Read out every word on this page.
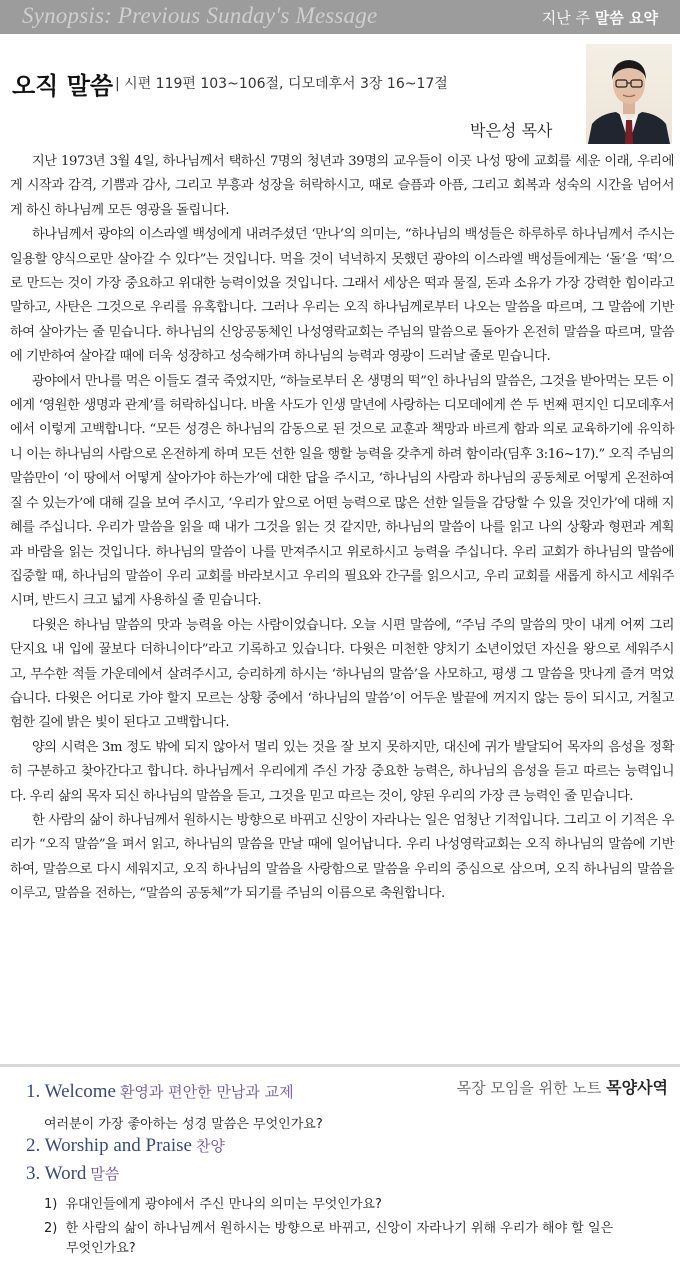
Synopsis: Previous Sunday's Message	지난 주 말씀 요약
오직 말씀 | 시편 119편 103~106절, 디모데후서 3장 16~17절
박은성 목사

지난 1973년 3월 4일, 하나님께서 택하신 7명의 청년과 39명의 교우들이 이곳 나성 땅에 교회를 세운 이래, 우리에게 시작과 감격, 기쁨과 감사, 그리고 부흥과 성장을 허락하시고, 때로 슬픔과 아픔, 그리고 회복과 성숙의 시간을 넘어서게 하신 하나님께 모든 영광을 돌립니다.

하나님께서 광야의 이스라엘 백성에게 내려주셨던 ‘만나’의 의미는, “하나님의 백성들은 하루하루 하나님께서 주시는 일용할 양식으로만 살아갈 수 있다”는 것입니다. 먹을 것이 넉넉하지 못했던 광야의 이스라엘 백성들에게는 ‘돌’을 ‘떡’으로 만드는 것이 가장 중요하고 위대한 능력이었을 것입니다. 그래서 세상은 떡과 물질, 돈과 소유가 가장 강력한 힘이라고 말하고, 사탄은 그것으로 우리를 유혹합니다. 그러나 우리는 오직 하나님께로부터 나오는 말씀을 따르며, 그 말씀에 기반하여 살아가는 줄 믿습니다. 하나님의 신앙공동체인 나성영락교회는 주님의 말씀으로 돌아가 온전히 말씀을 따르며, 말씀에 기반하여 살아갈 때에 더욱 성장하고 성숙해가며 하나님의 능력과 영광이 드러날 줄로 믿습니다.

광야에서 만나를 먹은 이들도 결국 죽었지만, “하늘로부터 온 생명의 떡”인 하나님의 말씀은, 그것을 받아먹는 모든 이에게 ‘영원한 생명과 관계’를 허락하십니다. 바울 사도가 인생 말년에 사랑하는 디모데에게 쓴 두 번째 편지인 디모데후서에서 이렇게 고백합니다. “모든 성경은 하나님의 감동으로 된 것으로 교훈과 책망과 바르게 함과 의로 교육하기에 유익하니 이는 하나님의 사람으로 온전하게 하며 모든 선한 일을 행할 능력을 갖추게 하려 함이라(딤후 3:16~17).” 오직 주님의 말씀만이 ‘이 땅에서 어떻게 살아가야 하는가’에 대한 답을 주시고, ‘하나님의 사람과 하나님의 공동체로 어떻게 온전하여질 수 있는가’에 대해 길을 보여 주시고, ‘우리가 앞으로 어떤 능력으로 많은 선한 일들을 감당할 수 있을 것인가’에 대해 지혜를 주십니다. 우리가 말씀을 읽을 때 내가 그것을 읽는 것 같지만, 하나님의 말씀이 나를 읽고 나의 상황과 형편과 계획과 바람을 읽는 것입니다. 하나님의 말씀이 나를 만져주시고 위로하시고 능력을 주십니다. 우리 교회가 하나님의 말씀에 집중할 때, 하나님의 말씀이 우리 교회를 바라보시고 우리의 필요와 간구를 읽으시고, 우리 교회를 새롭게 하시고 세워주시며, 반드시 크고 넓게 사용하실 줄 믿습니다.

다윗은 하나님 말씀의 맛과 능력을 아는 사람이었습니다. 오늘 시편 말씀에, “주님 주의 말씀의 맛이 내게 어찌 그리 단지요 내 입에 꿀보다 더하니이다”라고 기록하고 있습니다. 다윗은 미천한 양치기 소년이었던 자신을 왕으로 세워주시고, 무수한 적들 가운데에서 살려주시고, 승리하게 하시는 ‘하나님의 말씀’을 사모하고, 평생 그 말씀을 맛나게 즐겨 먹었습니다. 다윗은 어디로 가야 할지 모르는 상황 중에서 ‘하나님의 말씀’이 어두운 발끝에 꺼지지 않는 등이 되시고, 거칠고 험한 길에 밝은 빛이 된다고 고백합니다.

양의 시력은 3m 정도 밖에 되지 않아서 멀리 있는 것을 잘 보지 못하지만, 대신에 귀가 발달되어 목자의 음성을 정확히 구분하고 찾아간다고 합니다. 하나님께서 우리에게 주신 가장 중요한 능력은, 하나님의 음성을 듣고 따르는 능력입니다. 우리 삶의 목자 되신 하나님의 말씀을 듣고, 그것을 믿고 따르는 것이, 양된 우리의 가장 큰 능력인 줄 믿습니다.

한 사람의 삶이 하나님께서 원하시는 방향으로 바뀌고 신앙이 자라나는 일은 엄청난 기적입니다. 그리고 이 기적은 우리가 “오직 말씀”을 펴서 읽고, 하나님의 말씀을 만날 때에 일어납니다. 우리 나성영락교회는 오직 하나님의 말씀에 기반하여, 말씀으로 다시 세워지고, 오직 하나님의 말씀을 사랑함으로 말씀을 우리의 중심으로 삼으며, 오직 하나님의 말씀을 이루고, 말씀을 전하는, “말씀의 공동체”가 되기를 주님의 이름으로 축원합니다.

목장 모임을 위한 노트 목양사역
1. Welcome 환영과 편안한 만남과 교제
여러분이 가장 좋아하는 성경 말씀은 무엇인가요?
2. Worship and Praise 찬양
3. Word 말씀
1) 유대인들에게 광야에서 주신 만나의 의미는 무엇인가요?
2) 한 사람의 삶이 하나님께서 원하시는 방향으로 바뀌고, 신앙이 자라나기 위해 우리가 해야 할 일은
무엇인가요?
